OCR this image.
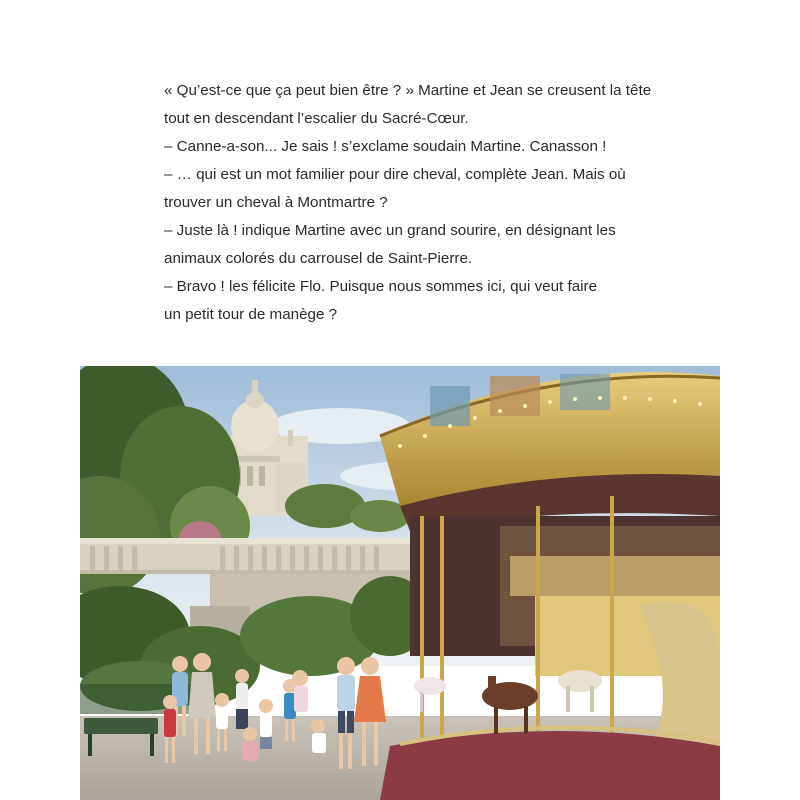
« Qu’est-ce que ça peut bien être ? » Martine et Jean se creusent la tête
tout en descendant l’escalier du Sacré-Cœur.
– Canne-a-son... Je sais ! s’exclame soudain Martine. Canasson !
– … qui est un mot familier pour dire cheval, complète Jean. Mais où
trouver un cheval à Montmartre ?
– Juste là ! indique Martine avec un grand sourire, en désignant les
animaux colorés du carrousel de Saint-Pierre.
– Bravo ! les félicite Flo. Puisque nous sommes ici, qui veut faire
un petit tour de manège ?
